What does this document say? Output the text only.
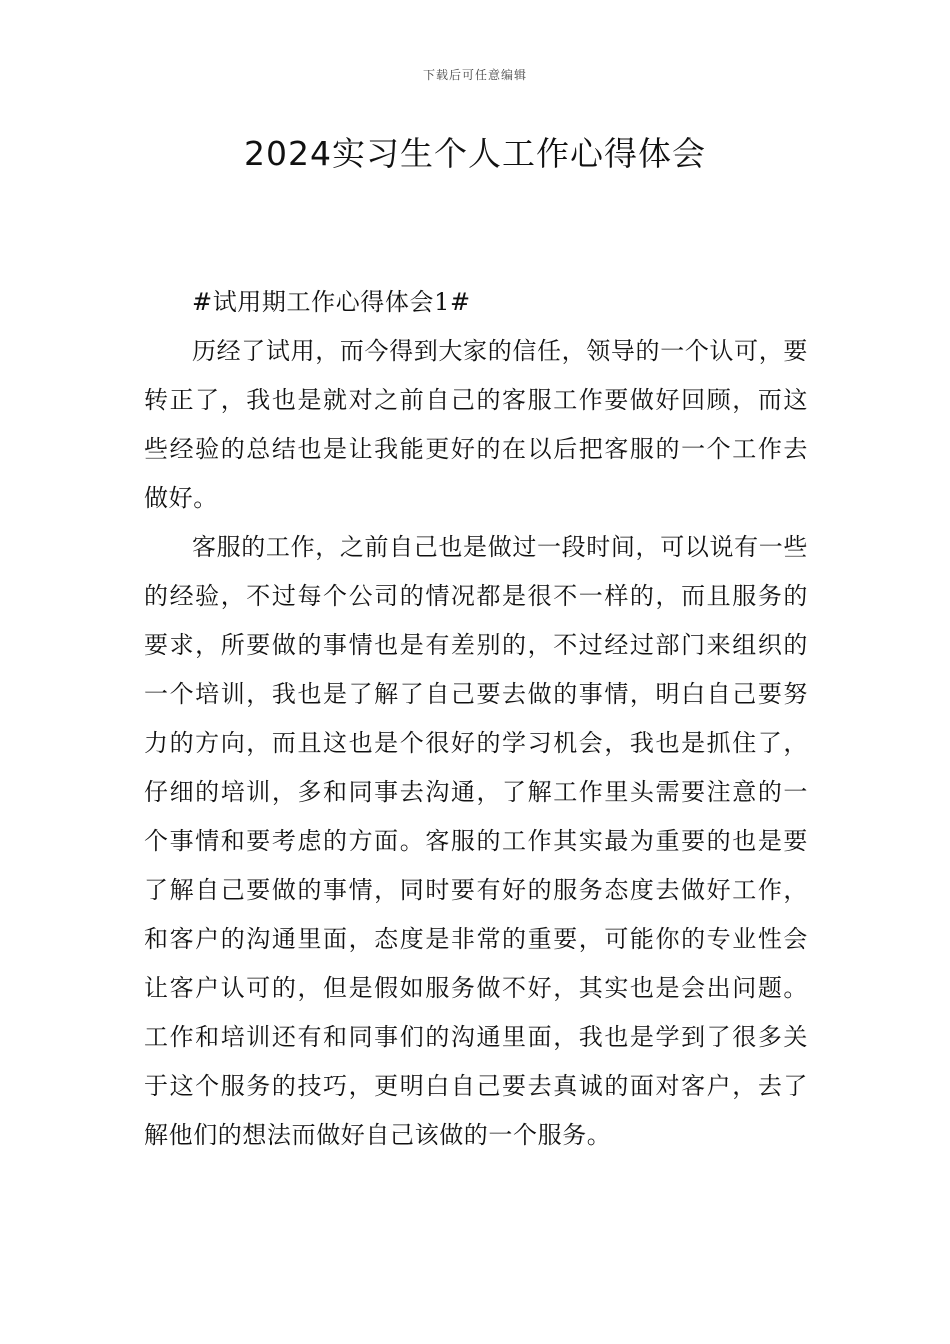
下载后可任意编辑
2024实习生个人工作心得体会

#试用期工作心得体会1#

历经了试用，而今得到大家的信任，领导的一个认可，要转正了，我也是就对之前自己的客服工作要做好回顾，而这些经验的总结也是让我能更好的在以后把客服的一个工作去做好。

客服的工作，之前自己也是做过一段时间，可以说有一些的经验，不过每个公司的情况都是很不一样的，而且服务的要求，所要做的事情也是有差别的，不过经过部门来组织的一个培训，我也是了解了自己要去做的事情，明白自己要努力的方向，而且这也是个很好的学习机会，我也是抓住了，仔细的培训，多和同事去沟通，了解工作里头需要注意的一个事情和要考虑的方面。客服的工作其实最为重要的也是要了解自己要做的事情，同时要有好的服务态度去做好工作，和客户的沟通里面，态度是非常的重要，可能你的专业性会让客户认可的，但是假如服务做不好，其实也是会出问题。工作和培训还有和同事们的沟通里面，我也是学到了很多关于这个服务的技巧，更明白自己要去真诚的面对客户，去了解他们的想法而做好自己该做的一个服务。
